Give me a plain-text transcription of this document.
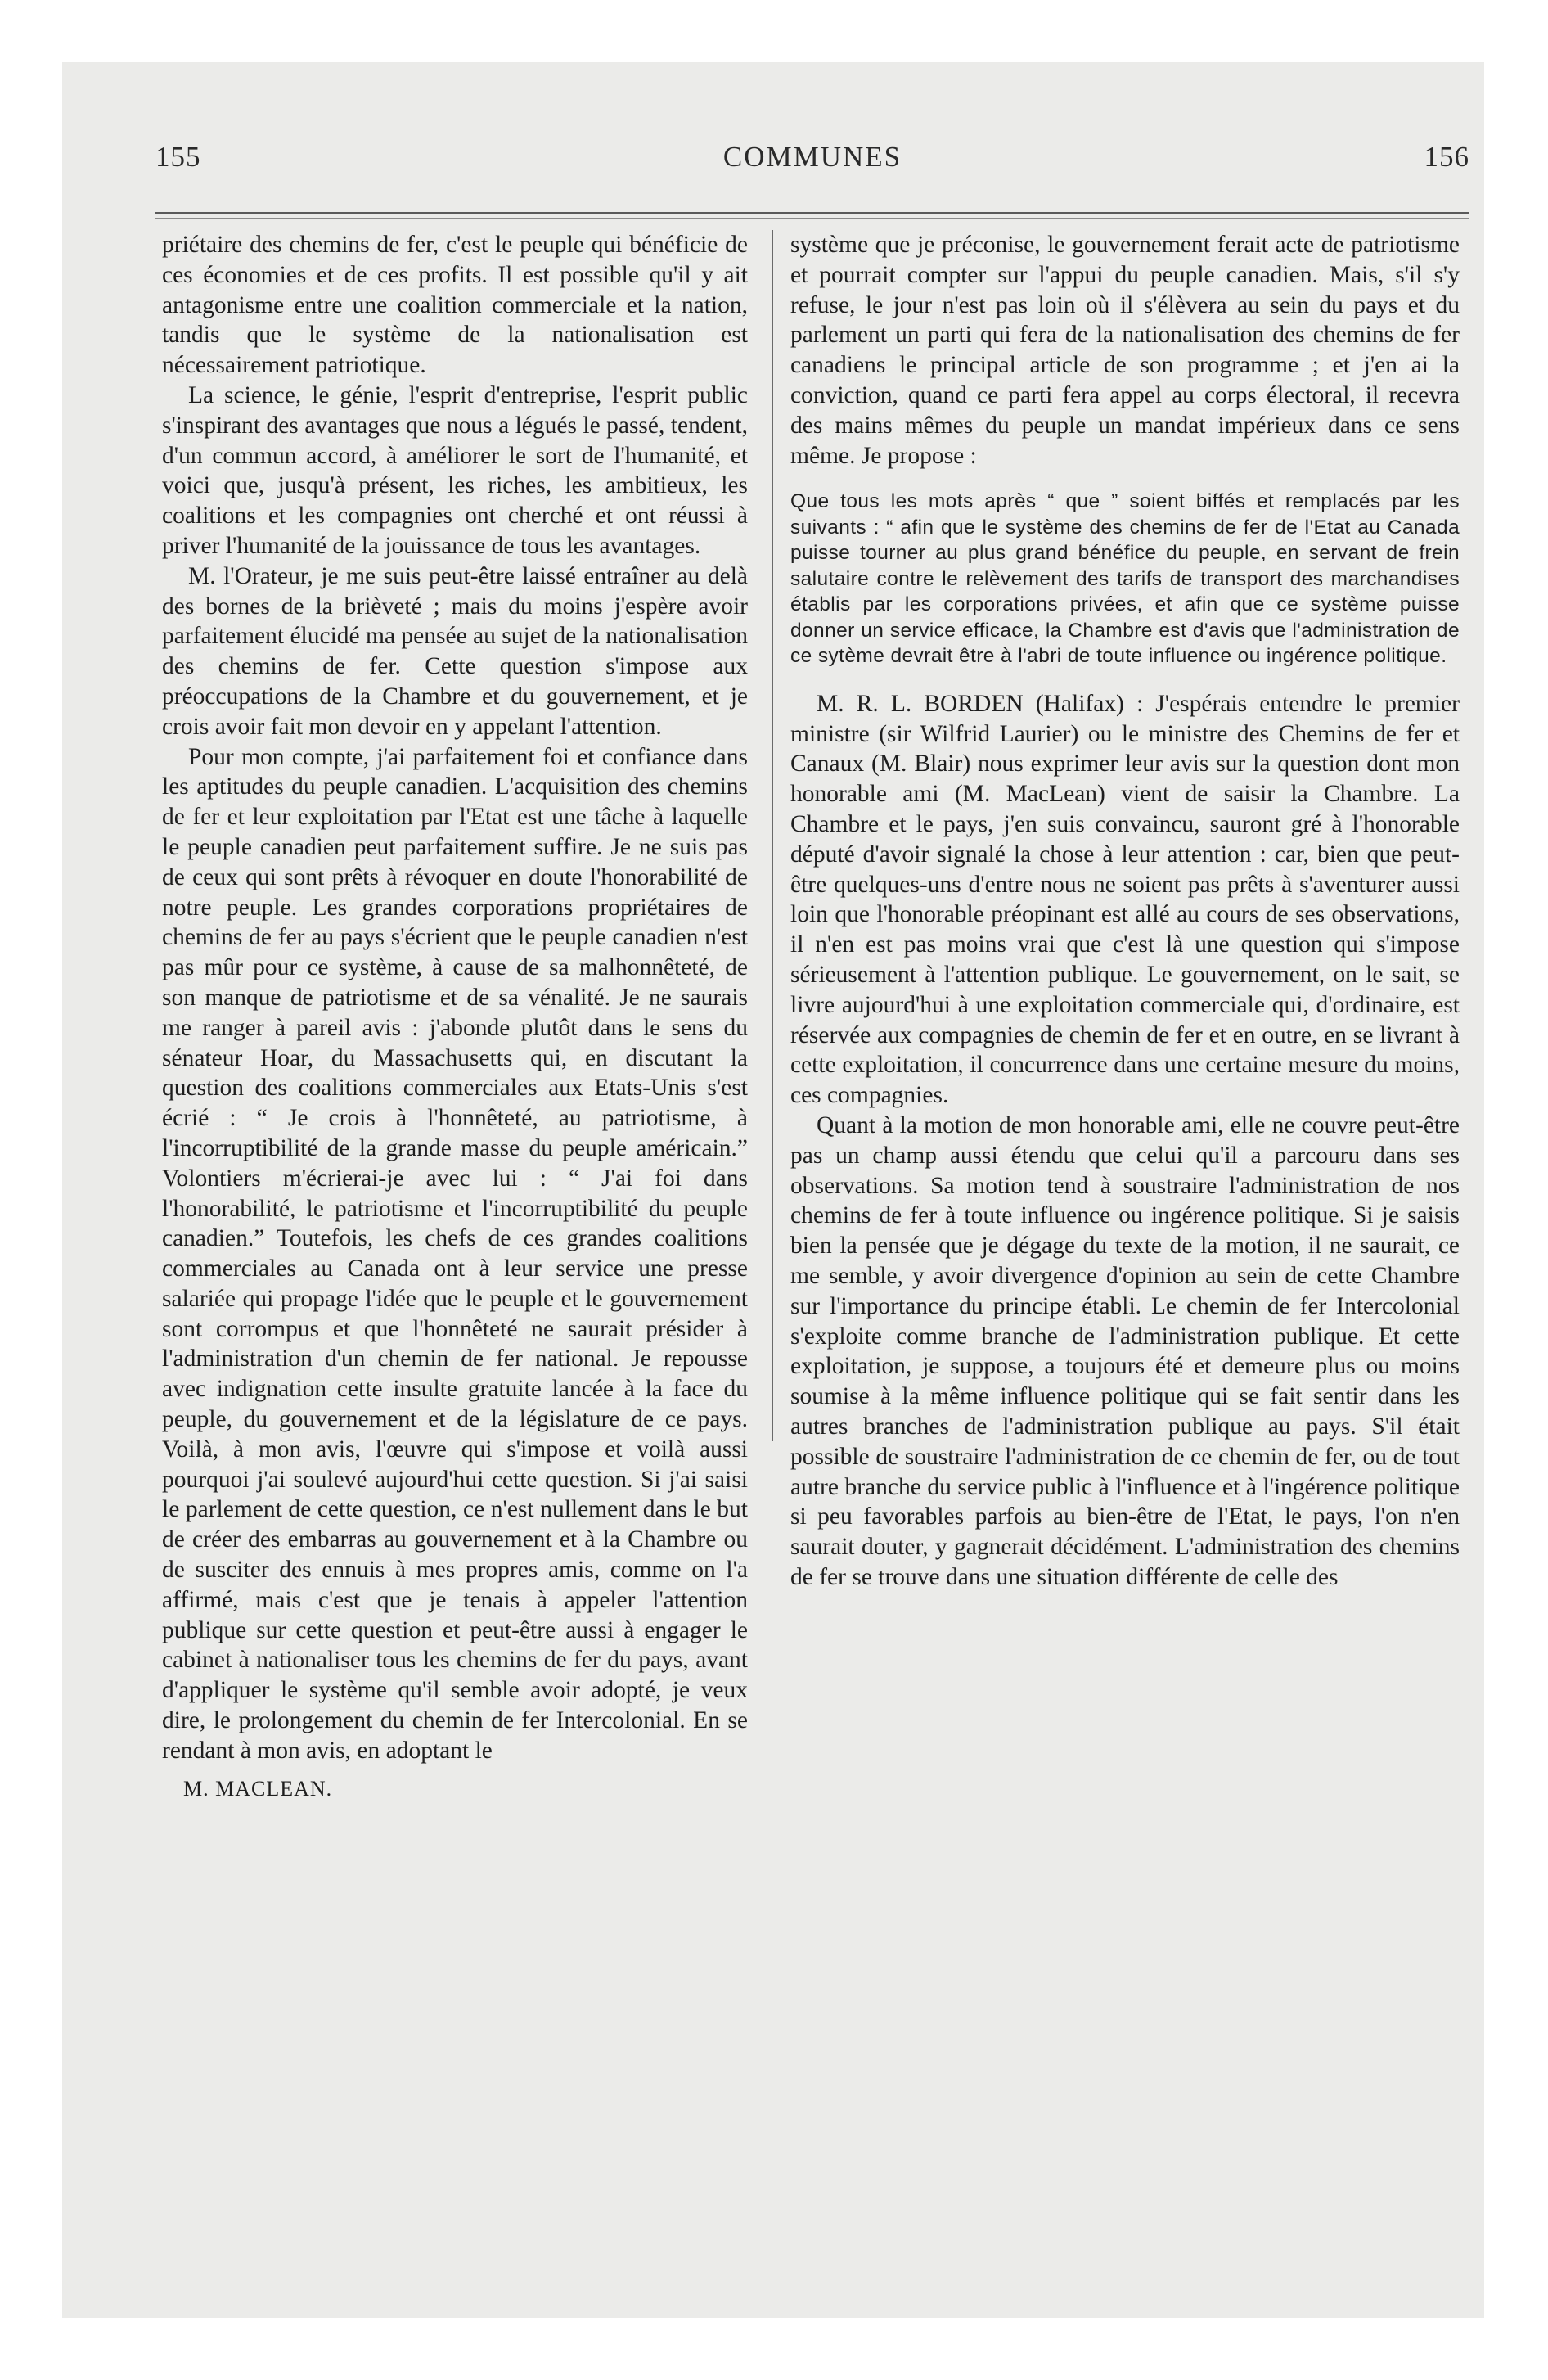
155	COMMUNES	156

priétaire des chemins de fer, c'est le peuple qui bénéficie de ces économies et de ces profits. Il est possible qu'il y ait antagonisme entre une coalition commerciale et la nation, tandis que le système de la nationalisation est nécessairement patriotique.

La science, le génie, l'esprit d'entreprise, l'esprit public s'inspirant des avantages que nous a légués le passé, tendent, d'un commun accord, à améliorer le sort de l'humanité, et voici que, jusqu'à présent, les riches, les ambitieux, les coalitions et les compagnies ont cherché et ont réussi à priver l'humanité de la jouissance de tous les avantages.

M. l'Orateur, je me suis peut-être laissé entraîner au delà des bornes de la brièveté ; mais du moins j'espère avoir parfaitement élucidé ma pensée au sujet de la nationalisation des chemins de fer. Cette question s'impose aux préoccupations de la Chambre et du gouvernement, et je crois avoir fait mon devoir en y appelant l'attention.

Pour mon compte, j'ai parfaitement foi et confiance dans les aptitudes du peuple canadien. L'acquisition des chemins de fer et leur exploitation par l'Etat est une tâche à laquelle le peuple canadien peut parfaitement suffire. Je ne suis pas de ceux qui sont prêts à révoquer en doute l'honorabilité de notre peuple. Les grandes corporations propriétaires de chemins de fer au pays s'écrient que le peuple canadien n'est pas mûr pour ce système, à cause de sa malhonnêteté, de son manque de patriotisme et de sa vénalité. Je ne saurais me ranger à pareil avis : j'abonde plutôt dans le sens du sénateur Hoar, du Massachusetts qui, en discutant la question des coalitions commerciales aux Etats-Unis s'est écrié : “ Je crois à l'honnêteté, au patriotisme, à l'incorruptibilité de la grande masse du peuple américain.” Volontiers m'écrierai-je avec lui : “ J'ai foi dans l'honorabilité, le patriotisme et l'incorruptibilité du peuple canadien.” Toutefois, les chefs de ces grandes coalitions commerciales au Canada ont à leur service une presse salariée qui propage l'idée que le peuple et le gouvernement sont corrompus et que l'honnêteté ne saurait présider à l'administration d'un chemin de fer national. Je repousse avec indignation cette insulte gratuite lancée à la face du peuple, du gouvernement et de la législature de ce pays. Voilà, à mon avis, l'œuvre qui s'impose et voilà aussi pourquoi j'ai soulevé aujourd'hui cette question. Si j'ai saisi le parlement de cette question, ce n'est nullement dans le but de créer des embarras au gouvernement et à la Chambre ou de susciter des ennuis à mes propres amis, comme on l'a affirmé, mais c'est que je tenais à appeler l'attention publique sur cette question et peut-être aussi à engager le cabinet à nationaliser tous les chemins de fer du pays, avant d'appliquer le système qu'il semble avoir adopté, je veux dire, le prolongement du chemin de fer Intercolonial. En se rendant à mon avis, en adoptant le

M. MACLEAN.

système que je préconise, le gouvernement ferait acte de patriotisme et pourrait compter sur l'appui du peuple canadien. Mais, s'il s'y refuse, le jour n'est pas loin où il s'élèvera au sein du pays et du parlement un parti qui fera de la nationalisation des chemins de fer canadiens le principal article de son programme ; et j'en ai la conviction, quand ce parti fera appel au corps électoral, il recevra des mains mêmes du peuple un mandat impérieux dans ce sens même. Je propose :

Que tous les mots après “ que ” soient biffés et remplacés par les suivants : “ afin que le système des chemins de fer de l'Etat au Canada puisse tourner au plus grand bénéfice du peuple, en servant de frein salutaire contre le relèvement des tarifs de transport des marchandises établis par les corporations privées, et afin que ce système puisse donner un service efficace, la Chambre est d'avis que l'administration de ce sytème devrait être à l'abri de toute influence ou ingérence politique.

M. R. L. BORDEN (Halifax) : J'espérais entendre le premier ministre (sir Wilfrid Laurier) ou le ministre des Chemins de fer et Canaux (M. Blair) nous exprimer leur avis sur la question dont mon honorable ami (M. MacLean) vient de saisir la Chambre. La Chambre et le pays, j'en suis convaincu, sauront gré à l'honorable député d'avoir signalé la chose à leur attention : car, bien que peut-être quelques-uns d'entre nous ne soient pas prêts à s'aventurer aussi loin que l'honorable préopinant est allé au cours de ses observations, il n'en est pas moins vrai que c'est là une question qui s'impose sérieusement à l'attention publique. Le gouvernement, on le sait, se livre aujourd'hui à une exploitation commerciale qui, d'ordinaire, est réservée aux compagnies de chemin de fer et en outre, en se livrant à cette exploitation, il concurrence dans une certaine mesure du moins, ces compagnies.

Quant à la motion de mon honorable ami, elle ne couvre peut-être pas un champ aussi étendu que celui qu'il a parcouru dans ses observations. Sa motion tend à soustraire l'administration de nos chemins de fer à toute influence ou ingérence politique. Si je saisis bien la pensée que je dégage du texte de la motion, il ne saurait, ce me semble, y avoir divergence d'opinion au sein de cette Chambre sur l'importance du principe établi. Le chemin de fer Intercolonial s'exploite comme branche de l'administration publique. Et cette exploitation, je suppose, a toujours été et demeure plus ou moins soumise à la même influence politique qui se fait sentir dans les autres branches de l'administration publique au pays. S'il était possible de soustraire l'administration de ce chemin de fer, ou de tout autre branche du service public à l'influence et à l'ingérence politique si peu favorables parfois au bien-être de l'Etat, le pays, l'on n'en saurait douter, y gagnerait décidément. L'administration des chemins de fer se trouve dans une situation différente de celle des
